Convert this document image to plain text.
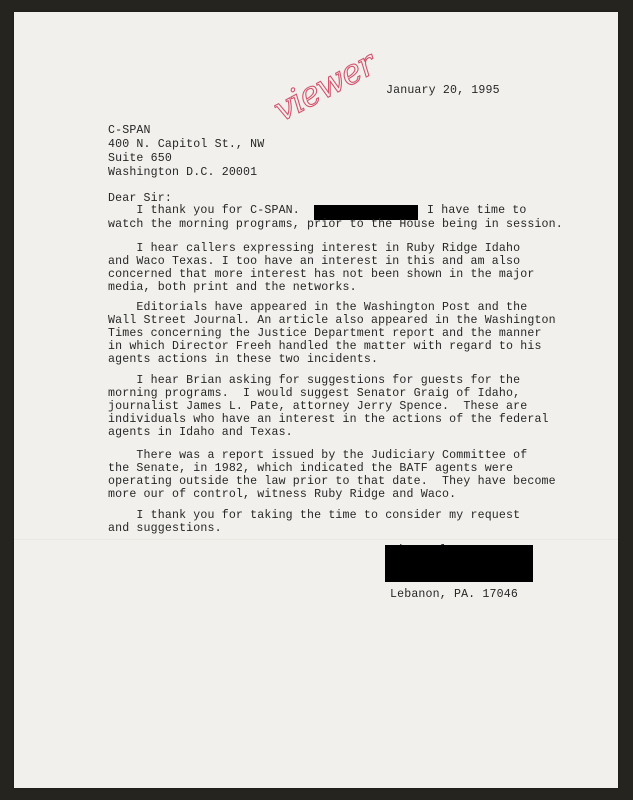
viewer
January 20, 1995
C-SPAN
400 N. Capitol St., NW
Suite 650
Washington D.C. 20001
Dear Sir:
I thank you for C-SPAN.	I have time to
watch the morning programs, prior to the House being in session.
I hear callers expressing interest in Ruby Ridge Idaho
and Waco Texas. I too have an interest in this and am also
concerned that more interest has not been shown in the major
media, both print and the networks.
Editorials have appeared in the Washington Post and the
Wall Street Journal. An article also appeared in the Washington
Times concerning the Justice Department report and the manner
in which Director Freeh handled the matter with regard to his
agents actions in these two incidents.
I hear Brian asking for suggestions for guests for the
morning programs.  I would suggest Senator Graig of Idaho,
journalist James L. Pate, attorney Jerry Spence.  These are
individuals who have an interest in the actions of the federal
agents in Idaho and Texas.
There was a report issued by the Judiciary Committee of
the Senate, in 1982, which indicated the BATF agents were
operating outside the law prior to that date.  They have become
more our of control, witness Ruby Ridge and Waco.
I thank you for taking the time to consider my request
and suggestions.
Lebanon, PA. 17046
